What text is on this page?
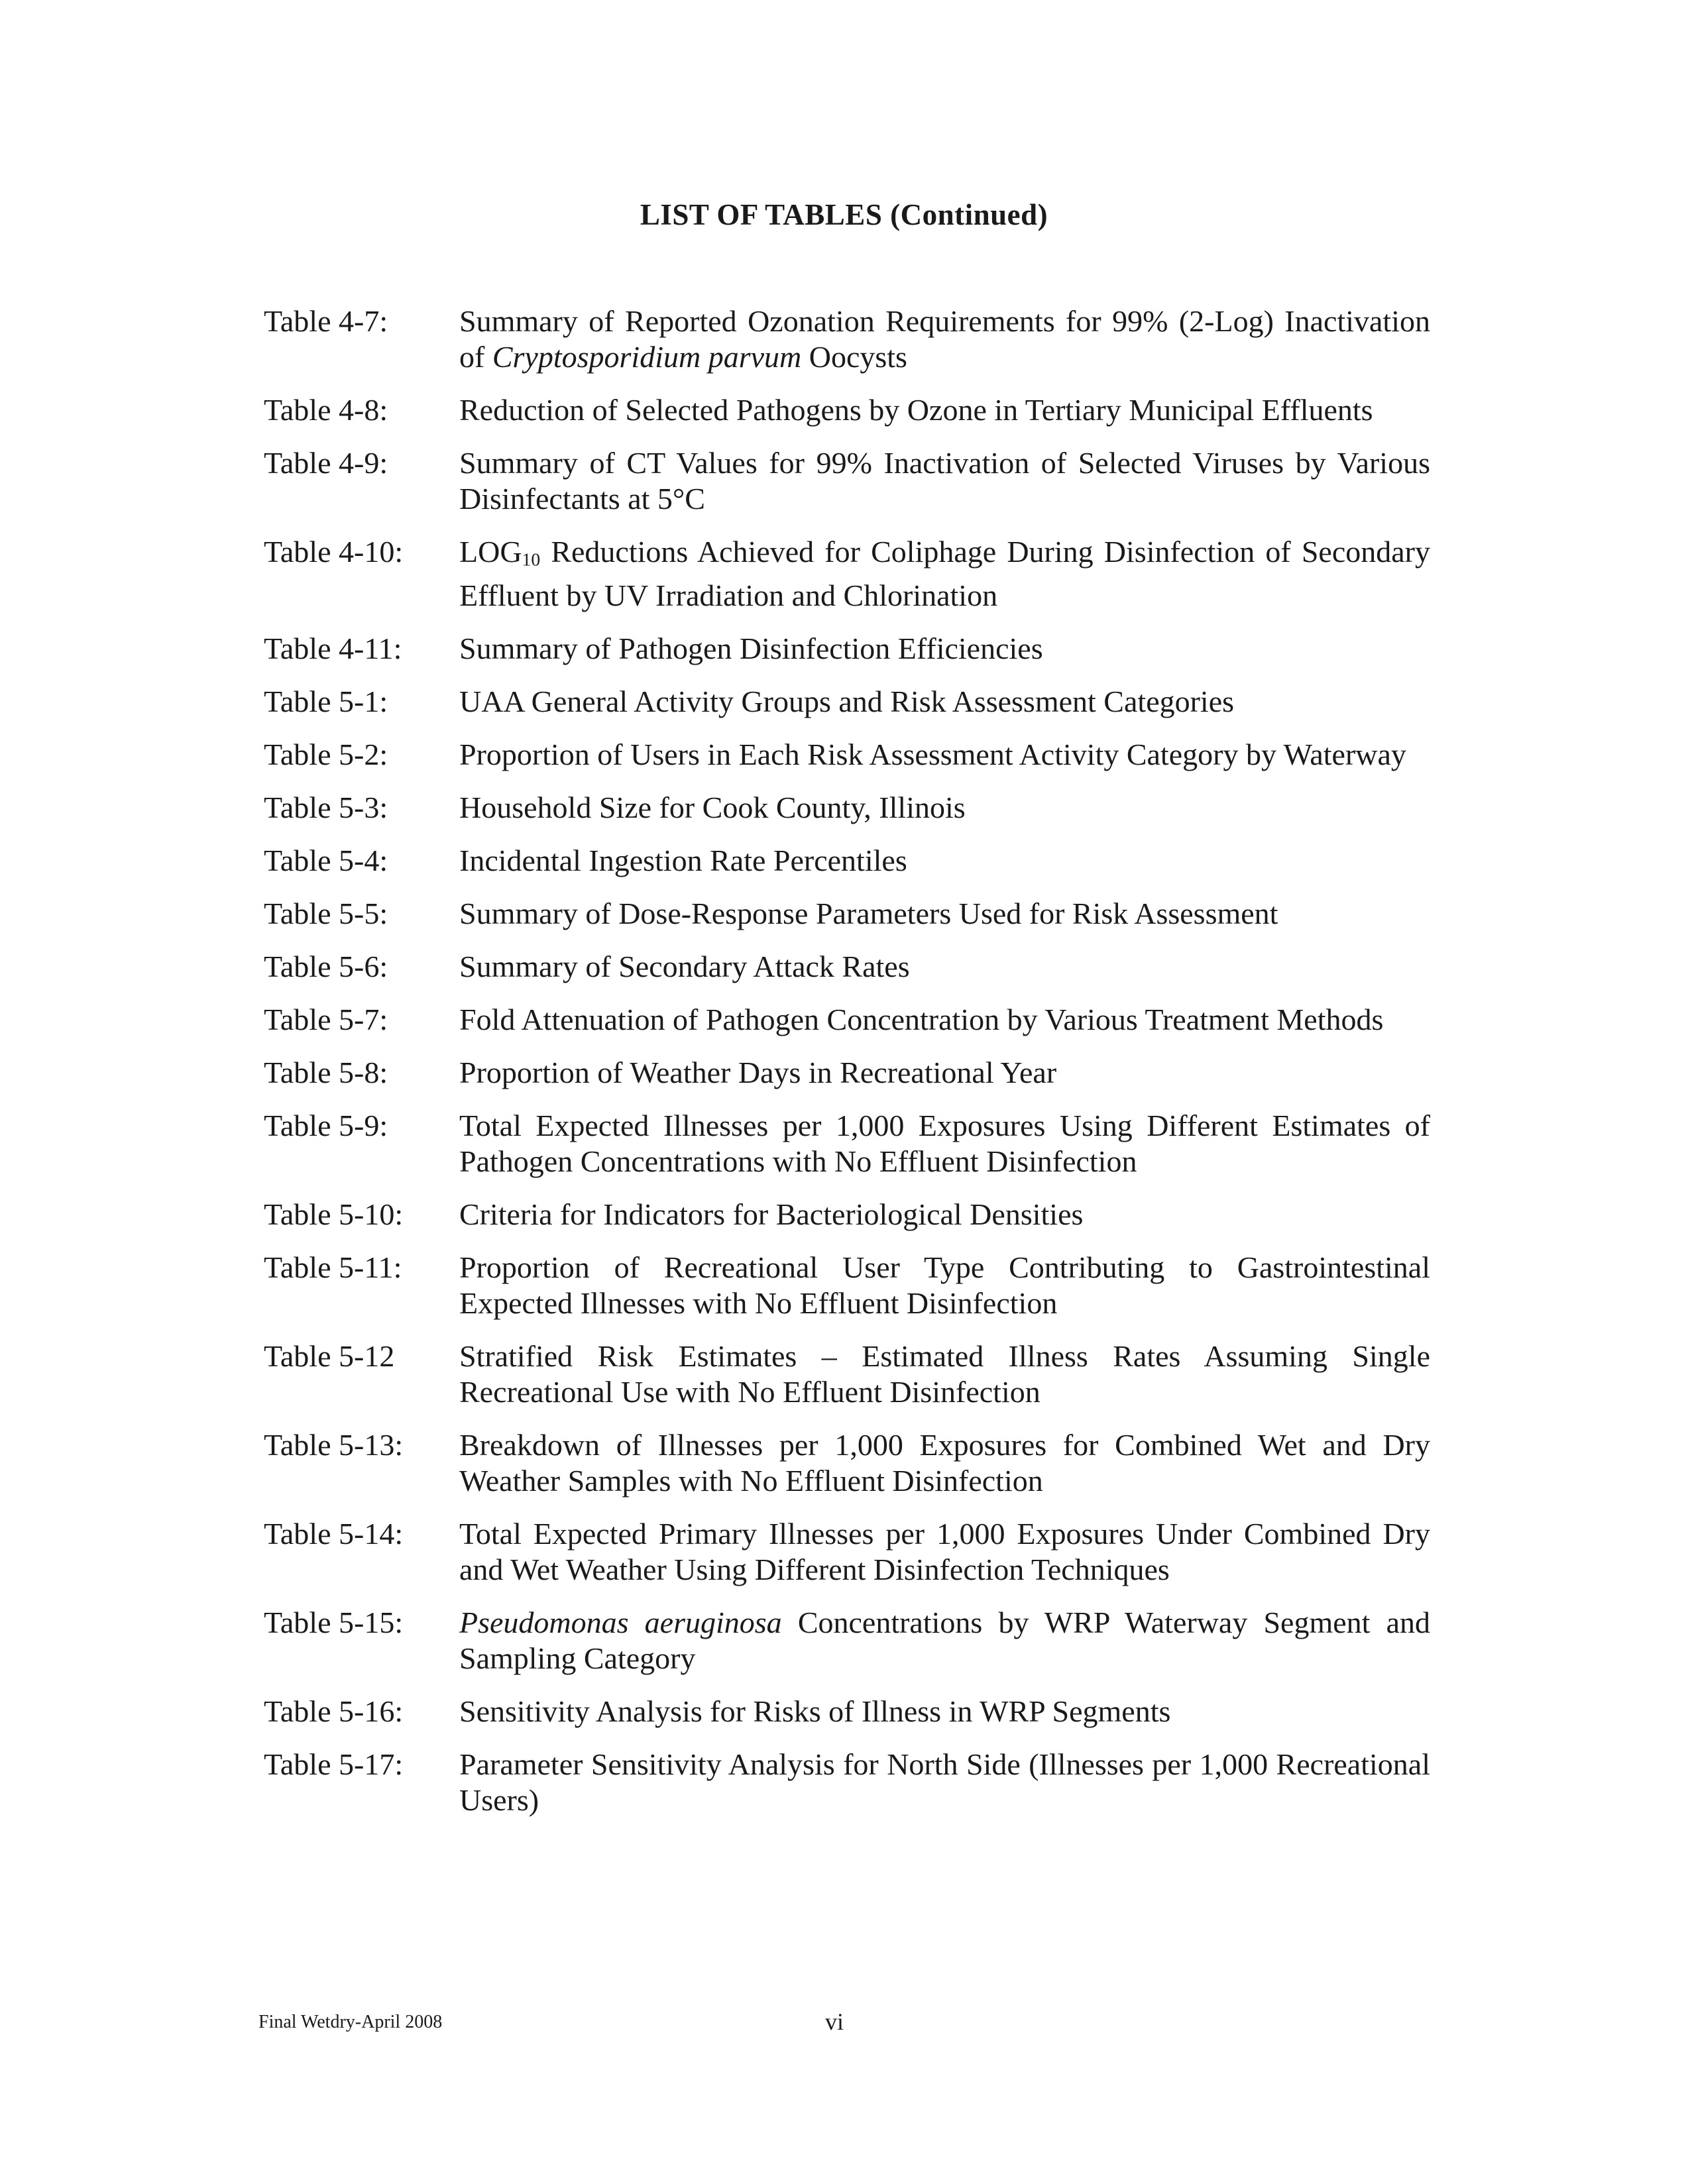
LIST OF TABLES (Continued)
Table 4-7:	Summary of Reported Ozonation Requirements for 99% (2-Log) Inactivation of Cryptosporidium parvum Oocysts
Table 4-8:	Reduction of Selected Pathogens by Ozone in Tertiary Municipal Effluents
Table 4-9:	Summary of CT Values for 99% Inactivation of Selected Viruses by Various Disinfectants at 5°C
Table 4-10:	$LOG_{10}$ Reductions Achieved for Coliphage During Disinfection of Secondary Effluent by UV Irradiation and Chlorination
Table 4-11:	Summary of Pathogen Disinfection Efficiencies
Table 5-1:	UAA General Activity Groups and Risk Assessment Categories
Table 5-2:	Proportion of Users in Each Risk Assessment Activity Category by Waterway
Table 5-3:	Household Size for Cook County, Illinois
Table 5-4:	Incidental Ingestion Rate Percentiles
Table 5-5:	Summary of Dose-Response Parameters Used for Risk Assessment
Table 5-6:	Summary of Secondary Attack Rates
Table 5-7:	Fold Attenuation of Pathogen Concentration by Various Treatment Methods
Table 5-8:	Proportion of Weather Days in Recreational Year
Table 5-9:	Total Expected Illnesses per 1,000 Exposures Using Different Estimates of Pathogen Concentrations with No Effluent Disinfection
Table 5-10:	Criteria for Indicators for Bacteriological Densities
Table 5-11:	Proportion of Recreational User Type Contributing to Gastrointestinal Expected Illnesses with No Effluent Disinfection
Table 5-12	Stratified Risk Estimates – Estimated Illness Rates Assuming Single Recreational Use with No Effluent Disinfection
Table 5-13:	Breakdown of Illnesses per 1,000 Exposures for Combined Wet and Dry Weather Samples with No Effluent Disinfection
Table 5-14:	Total Expected Primary Illnesses per 1,000 Exposures Under Combined Dry and Wet Weather Using Different Disinfection Techniques
Table 5-15:	Pseudomonas aeruginosa Concentrations by WRP Waterway Segment and Sampling Category
Table 5-16:	Sensitivity Analysis for Risks of Illness in WRP Segments
Table 5-17:	Parameter Sensitivity Analysis for North Side (Illnesses per 1,000 Recreational Users)
Final Wetdry-April 2008	vi
